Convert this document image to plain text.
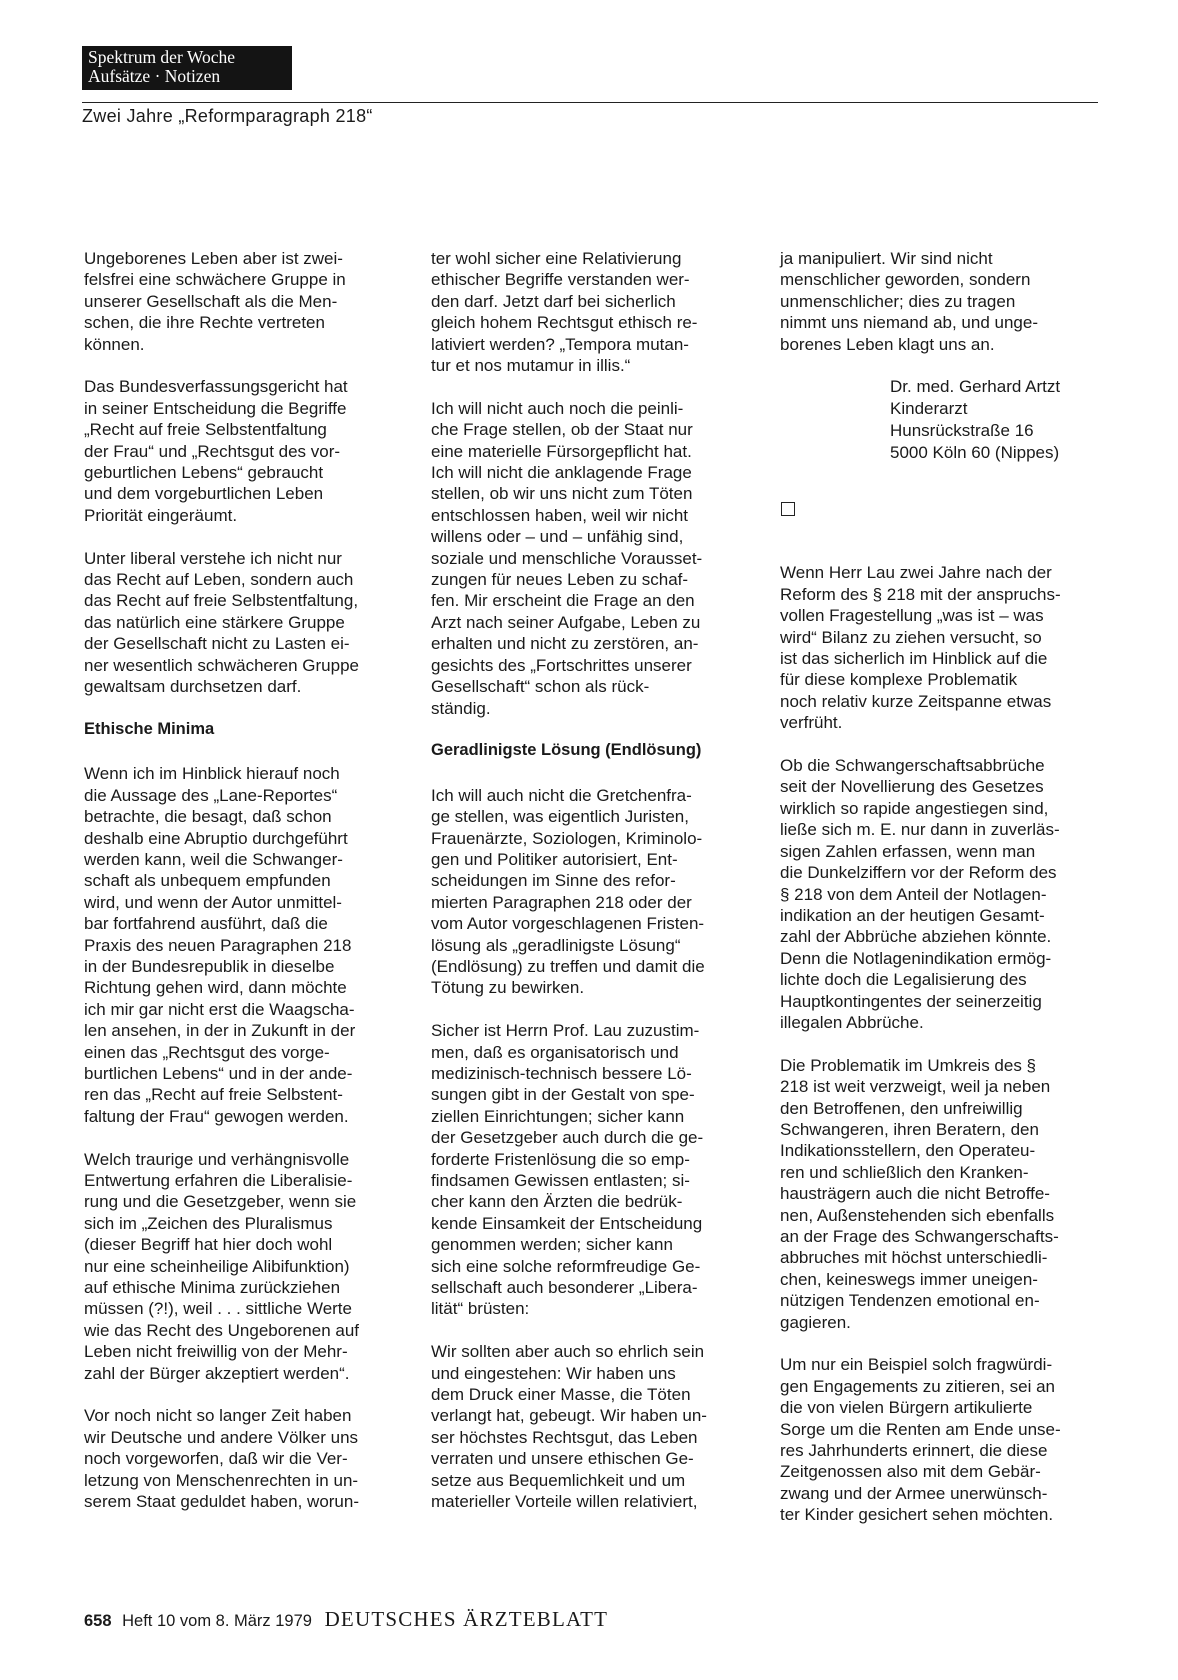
Spektrum der Woche
Aufsätze · Notizen
Zwei Jahre „Reformparagraph 218“

Ungeborenes Leben aber ist zwei-
felsfrei eine schwächere Gruppe in
unserer Gesellschaft als die Men-
schen, die ihre Rechte vertreten
können.

Das Bundesverfassungsgericht hat
in seiner Entscheidung die Begriffe
„Recht auf freie Selbstentfaltung
der Frau“ und „Rechtsgut des vor-
geburtlichen Lebens“ gebraucht
und dem vorgeburtlichen Leben
Priorität eingeräumt.

Unter liberal verstehe ich nicht nur
das Recht auf Leben, sondern auch
das Recht auf freie Selbstentfaltung,
das natürlich eine stärkere Gruppe
der Gesellschaft nicht zu Lasten ei-
ner wesentlich schwächeren Gruppe
gewaltsam durchsetzen darf.

Ethische Minima

Wenn ich im Hinblick hierauf noch
die Aussage des „Lane-Reportes“
betrachte, die besagt, daß schon
deshalb eine Abruptio durchgeführt
werden kann, weil die Schwanger-
schaft als unbequem empfunden
wird, und wenn der Autor unmittel-
bar fortfahrend ausführt, daß die
Praxis des neuen Paragraphen 218
in der Bundesrepublik in dieselbe
Richtung gehen wird, dann möchte
ich mir gar nicht erst die Waagscha-
len ansehen, in der in Zukunft in der
einen das „Rechtsgut des vorge-
burtlichen Lebens“ und in der ande-
ren das „Recht auf freie Selbstent-
faltung der Frau“ gewogen werden.

Welch traurige und verhängnisvolle
Entwertung erfahren die Liberalisie-
rung und die Gesetzgeber, wenn sie
sich im „Zeichen des Pluralismus
(dieser Begriff hat hier doch wohl
nur eine scheinheilige Alibifunktion)
auf ethische Minima zurückziehen
müssen (?!), weil . . . sittliche Werte
wie das Recht des Ungeborenen auf
Leben nicht freiwillig von der Mehr-
zahl der Bürger akzeptiert werden“.

Vor noch nicht so langer Zeit haben
wir Deutsche und andere Völker uns
noch vorgeworfen, daß wir die Ver-
letzung von Menschenrechten in un-
serem Staat geduldet haben, worun-

ter wohl sicher eine Relativierung
ethischer Begriffe verstanden wer-
den darf. Jetzt darf bei sicherlich
gleich hohem Rechtsgut ethisch re-
lativiert werden? „Tempora mutan-
tur et nos mutamur in illis.“

Ich will nicht auch noch die peinli-
che Frage stellen, ob der Staat nur
eine materielle Fürsorgepflicht hat.
Ich will nicht die anklagende Frage
stellen, ob wir uns nicht zum Töten
entschlossen haben, weil wir nicht
willens oder – und – unfähig sind,
soziale und menschliche Vorausset-
zungen für neues Leben zu schaf-
fen. Mir erscheint die Frage an den
Arzt nach seiner Aufgabe, Leben zu
erhalten und nicht zu zerstören, an-
gesichts des „Fortschrittes unserer
Gesellschaft“ schon als rück-
ständig.

Geradlinigste Lösung (Endlösung)

Ich will auch nicht die Gretchenfra-
ge stellen, was eigentlich Juristen,
Frauenärzte, Soziologen, Kriminolo-
gen und Politiker autorisiert, Ent-
scheidungen im Sinne des refor-
mierten Paragraphen 218 oder der
vom Autor vorgeschlagenen Fristen-
lösung als „geradlinigste Lösung“
(Endlösung) zu treffen und damit die
Tötung zu bewirken.

Sicher ist Herrn Prof. Lau zuzustim-
men, daß es organisatorisch und
medizinisch-technisch bessere Lö-
sungen gibt in der Gestalt von spe-
ziellen Einrichtungen; sicher kann
der Gesetzgeber auch durch die ge-
forderte Fristenlösung die so emp-
findsamen Gewissen entlasten; si-
cher kann den Ärzten die bedrük-
kende Einsamkeit der Entscheidung
genommen werden; sicher kann
sich eine solche reformfreudige Ge-
sellschaft auch besonderer „Libera-
lität“ brüsten:

Wir sollten aber auch so ehrlich sein
und eingestehen: Wir haben uns
dem Druck einer Masse, die Töten
verlangt hat, gebeugt. Wir haben un-
ser höchstes Rechtsgut, das Leben
verraten und unsere ethischen Ge-
setze aus Bequemlichkeit und um
materieller Vorteile willen relativiert,

ja manipuliert. Wir sind nicht
menschlicher geworden, sondern
unmenschlicher; dies zu tragen
nimmt uns niemand ab, und unge-
borenes Leben klagt uns an.

Dr. med. Gerhard Artzt
Kinderarzt
Hunsrückstraße 16
5000 Köln 60 (Nippes)

Wenn Herr Lau zwei Jahre nach der
Reform des § 218 mit der anspruchs-
vollen Fragestellung „was ist – was
wird“ Bilanz zu ziehen versucht, so
ist das sicherlich im Hinblick auf die
für diese komplexe Problematik
noch relativ kurze Zeitspanne etwas
verfrüht.

Ob die Schwangerschaftsabbrüche
seit der Novellierung des Gesetzes
wirklich so rapide angestiegen sind,
ließe sich m. E. nur dann in zuverläs-
sigen Zahlen erfassen, wenn man
die Dunkelziffern vor der Reform des
§ 218 von dem Anteil der Notlagen-
indikation an der heutigen Gesamt-
zahl der Abbrüche abziehen könnte.
Denn die Notlagenindikation ermög-
lichte doch die Legalisierung des
Hauptkontingentes der seinerzeitig
illegalen Abbrüche.

Die Problematik im Umkreis des §
218 ist weit verzweigt, weil ja neben
den Betroffenen, den unfreiwillig
Schwangeren, ihren Beratern, den
Indikationsstellern, den Operateu-
ren und schließlich den Kranken-
hausträgern auch die nicht Betroffe-
nen, Außenstehenden sich ebenfalls
an der Frage des Schwangerschafts-
abbruches mit höchst unterschiedli-
chen, keineswegs immer uneigen-
nützigen Tendenzen emotional en-
gagieren.

Um nur ein Beispiel solch fragwürdi-
gen Engagements zu zitieren, sei an
die von vielen Bürgern artikulierte
Sorge um die Renten am Ende unse-
res Jahrhunderts erinnert, die diese
Zeitgenossen also mit dem Gebär-
zwang und der Armee unerwünsch-
ter Kinder gesichert sehen möchten.

658 Heft 10 vom 8. März 1979 DEUTSCHES ÄRZTEBLATT
